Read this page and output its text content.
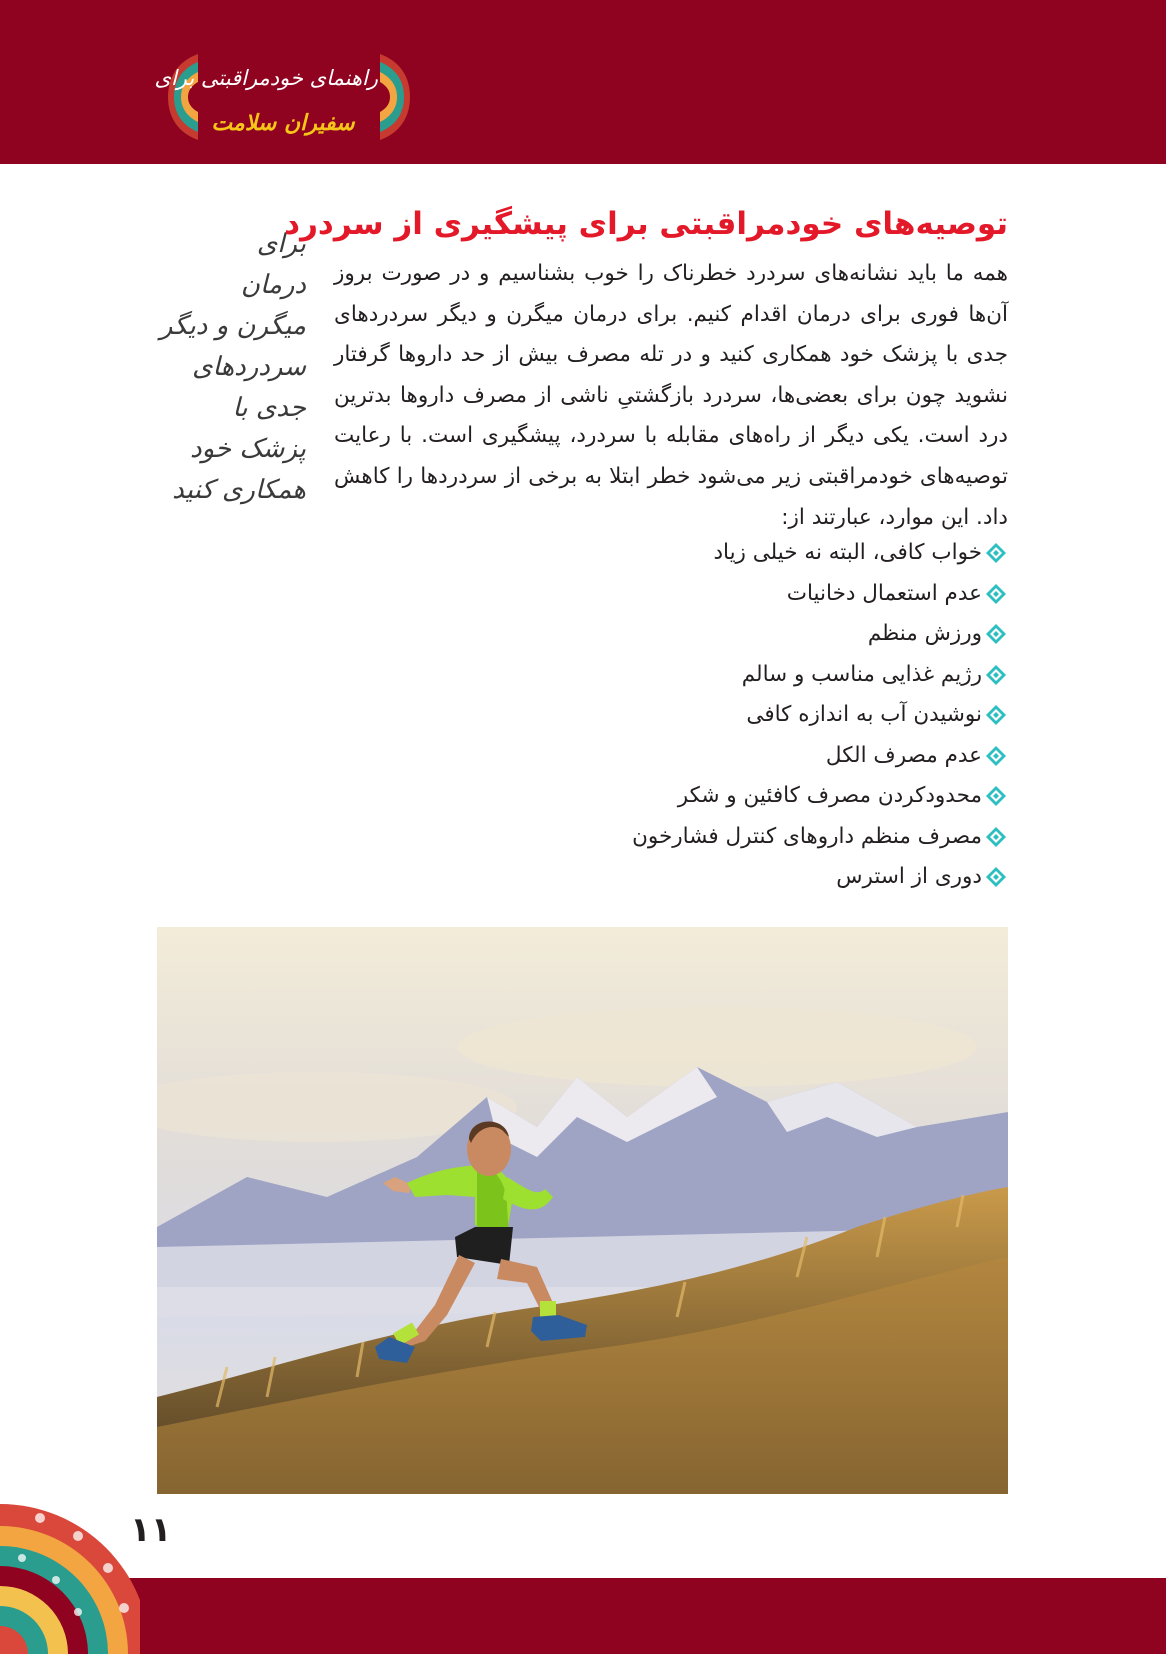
راهنمای خودمراقبتی برای
سفیران سلامت
برای
درمان
میگرن و دیگر
سردردهای
جدی با
پزشک خود
همکاری کنید
توصیه‌های خودمراقبتی برای پیشگیری از سردرد

همه ما باید نشانه‌های سردرد خطرناک را خوب بشناسیم و در صورت بروز آن‌ها فوری برای درمان اقدام کنیم. برای درمان میگرن و دیگر سردردهای جدی با پزشک خود همکاری کنید و در تله مصرف بیش از حد داروها گرفتار نشوید چون برای بعضی‌ها، سردرد بازگشتیِ ناشی از مصرف داروها بدترین درد است. یکی دیگر از راه‌های مقابله با سردرد، پیشگیری است. با رعایت توصیه‌های خودمراقبتی زیر می‌شود خطر ابتلا به برخی از سردردها را کاهش داد. این موارد، عبارتند از:

خواب کافی، البته نه خیلی زیاد
عدم استعمال دخانیات
ورزش منظم
رژیم غذایی مناسب و سالم
نوشیدن آب به اندازه کافی
عدم مصرف الکل
محدودکردن مصرف کافئین و شکر
مصرف منظم داروهای کنترل فشارخون
دوری از استرس
۱۱
